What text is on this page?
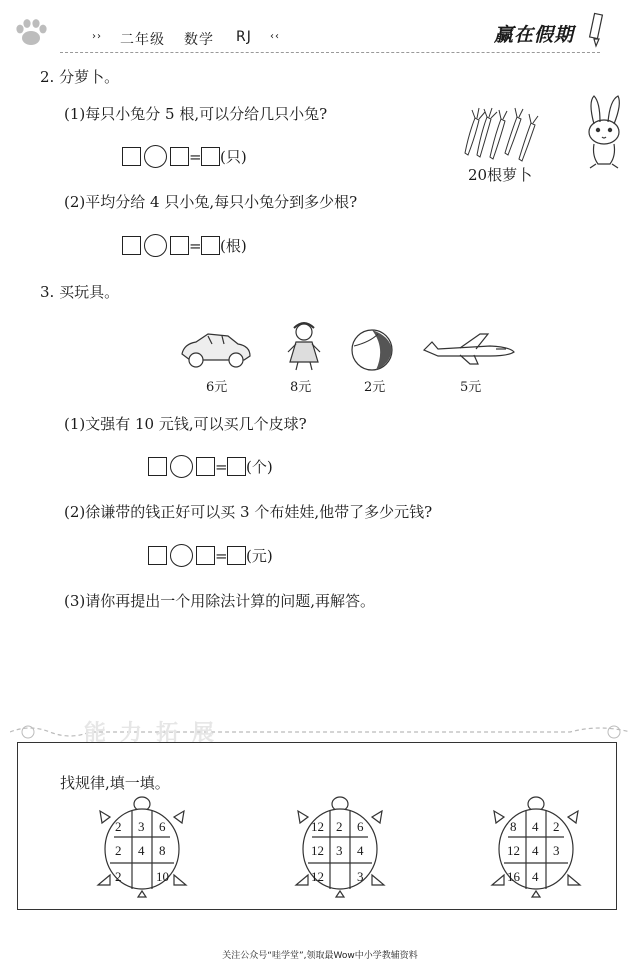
›› 二年级 数学 RJ ‹‹	赢在假期
2. 分萝卜。
(1)每只小兔分 5 根,可以分给几只小兔?
= (只)
(2)平均分给 4 只小兔,每只小兔分到多少根?
= (根)
20根萝卜
3. 买玩具。
6元	8元	2元	5元
(1)文强有 10 元钱,可以买几个皮球?
= (个)
(2)徐谦带的钱正好可以买 3 个布娃娃,他带了多少元钱?
= (元)
(3)请你再提出一个用除法计算的问题,再解答。
能力拓展
找规律,填一填。
2 3 6
2 4 8
2	10
12 2 6
12 3 4
12	3
8 4 2
12 4 3
16 4
关注公众号“哇学堂”,领取最Wow中小学教辅资料
